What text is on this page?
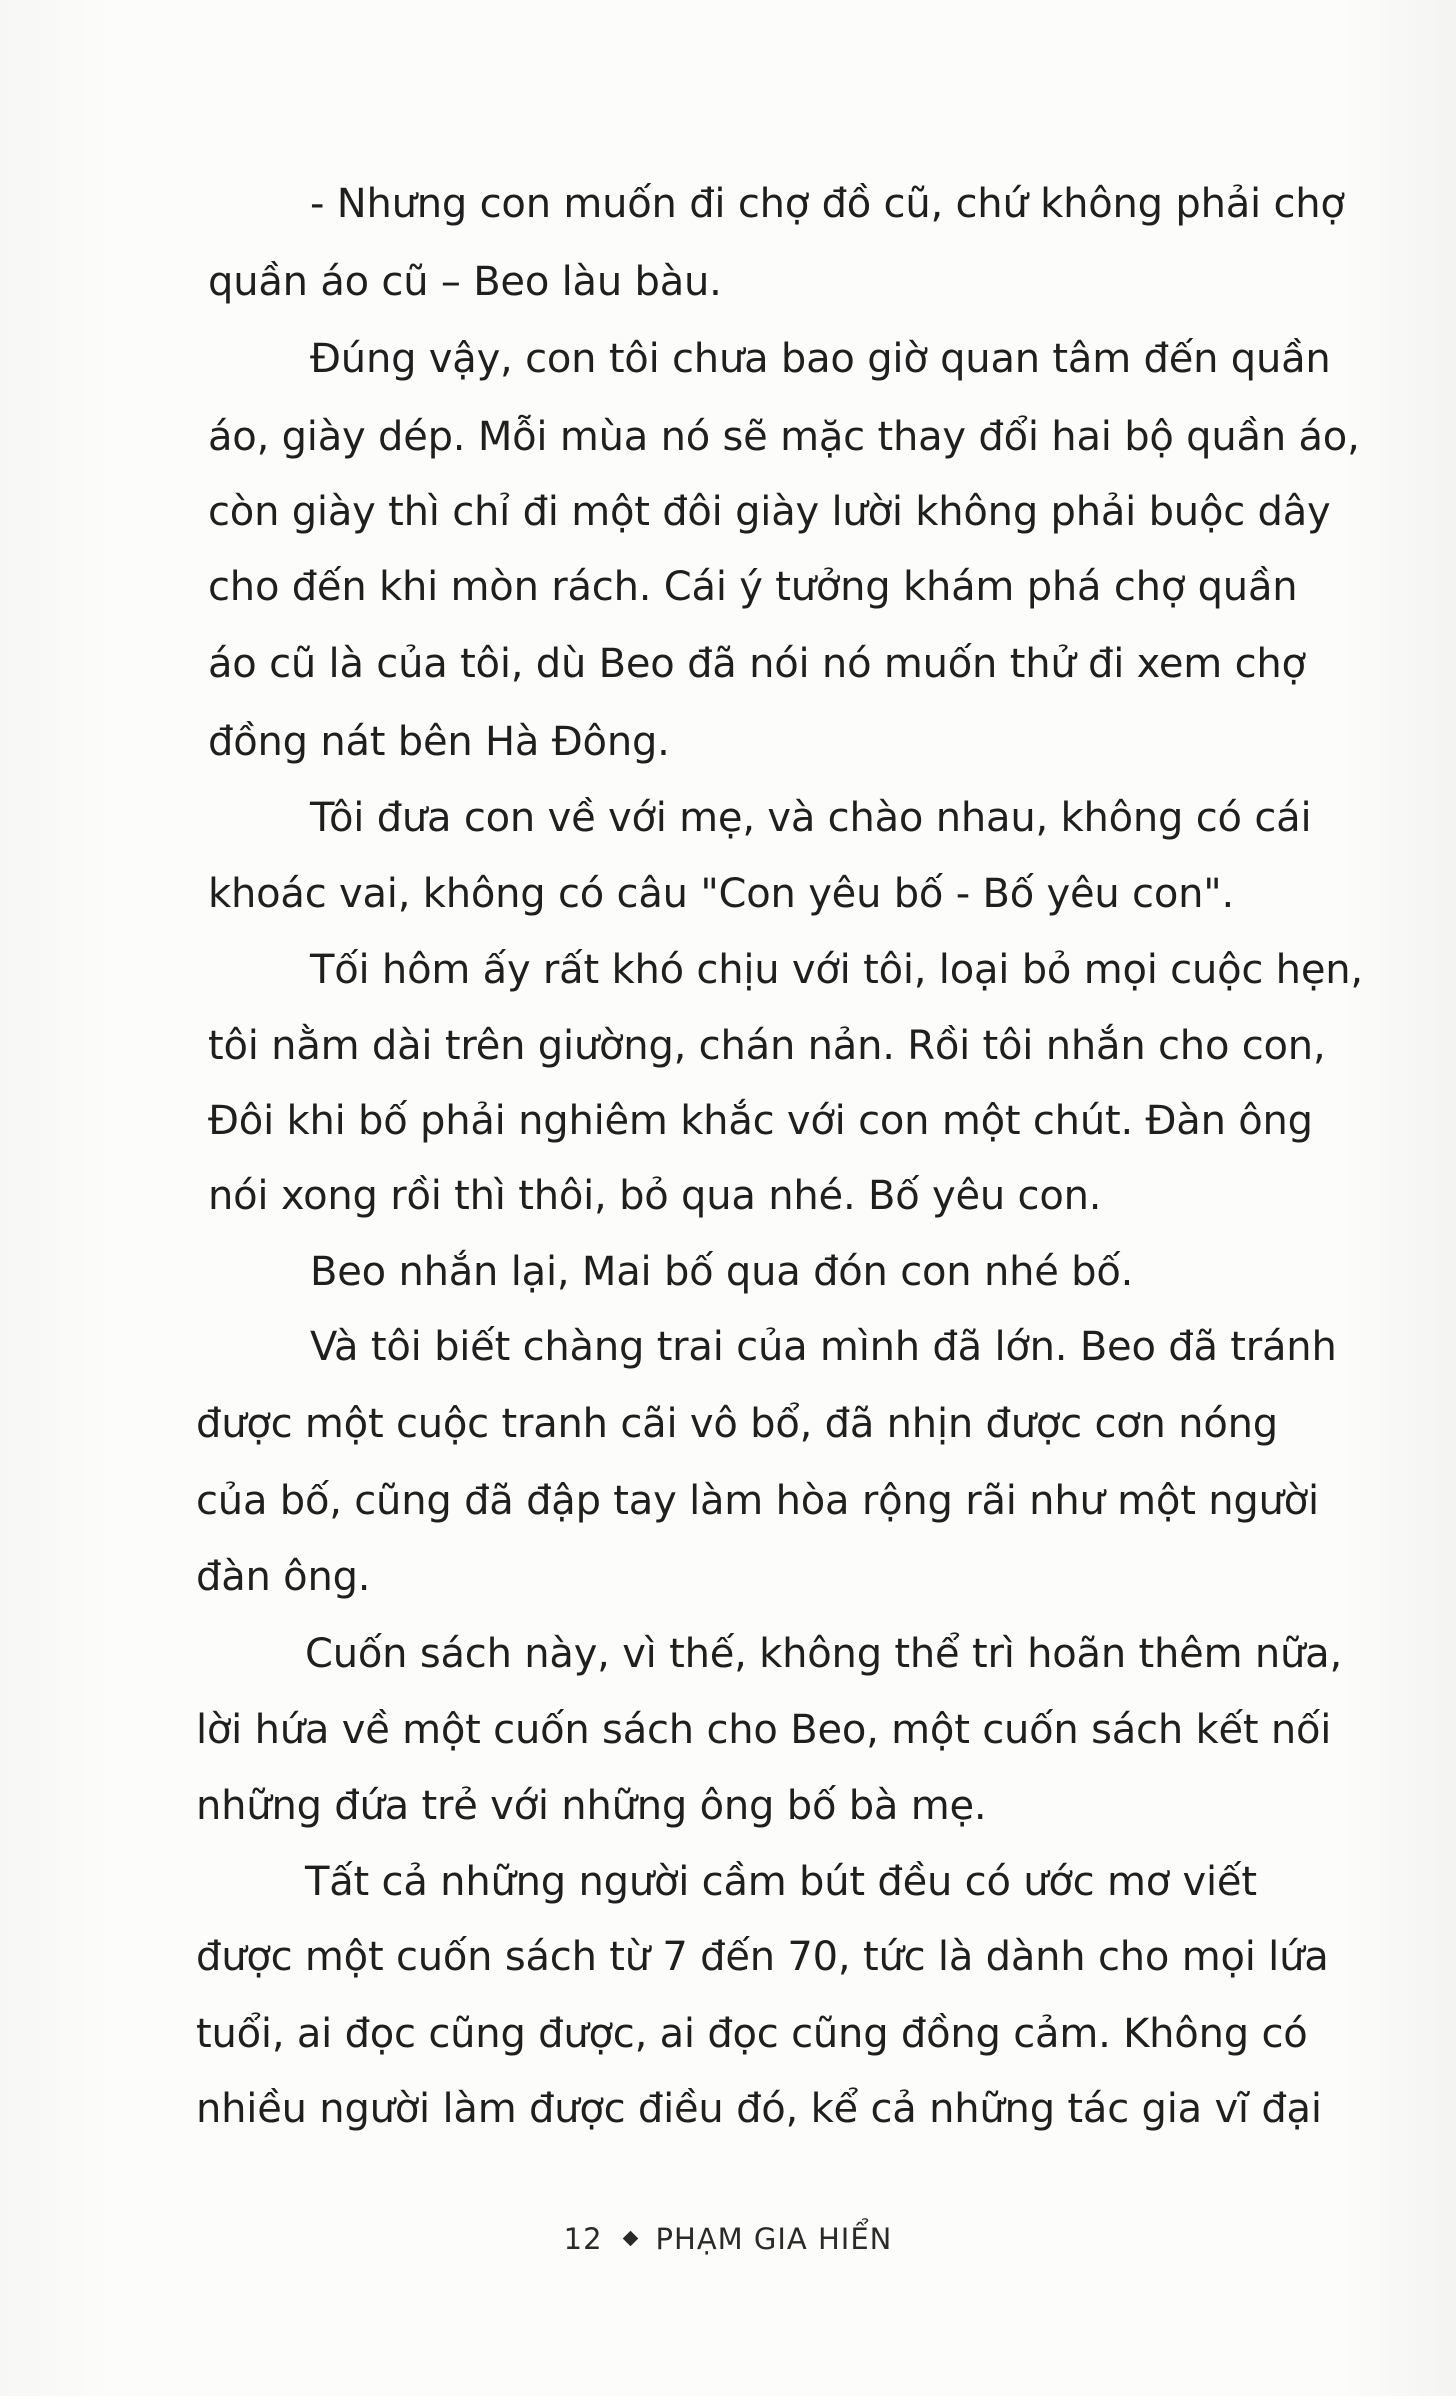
- Nhưng con muốn đi chợ đồ cũ, chứ không phải chợ
quần áo cũ – Beo làu bàu.
Đúng vậy, con tôi chưa bao giờ quan tâm đến quần
áo, giày dép. Mỗi mùa nó sẽ mặc thay đổi hai bộ quần áo,
còn giày thì chỉ đi một đôi giày lười không phải buộc dây
cho đến khi mòn rách. Cái ý tưởng khám phá chợ quần
áo cũ là của tôi, dù Beo đã nói nó muốn thử đi xem chợ
đồng nát bên Hà Đông.
Tôi đưa con về với mẹ, và chào nhau, không có cái
khoác vai, không có câu "Con yêu bố - Bố yêu con".
Tối hôm ấy rất khó chịu với tôi, loại bỏ mọi cuộc hẹn,
tôi nằm dài trên giường, chán nản. Rồi tôi nhắn cho con,
Đôi khi bố phải nghiêm khắc với con một chút. Đàn ông
nói xong rồi thì thôi, bỏ qua nhé. Bố yêu con.
Beo nhắn lại, Mai bố qua đón con nhé bố.
Và tôi biết chàng trai của mình đã lớn. Beo đã tránh
được một cuộc tranh cãi vô bổ, đã nhịn được cơn nóng
của bố, cũng đã đập tay làm hòa rộng rãi như một người
đàn ông.
Cuốn sách này, vì thế, không thể trì hoãn thêm nữa,
lời hứa về một cuốn sách cho Beo, một cuốn sách kết nối
những đứa trẻ với những ông bố bà mẹ.
Tất cả những người cầm bút đều có ước mơ viết
được một cuốn sách từ 7 đến 70, tức là dành cho mọi lứa
tuổi, ai đọc cũng được, ai đọc cũng đồng cảm. Không có
nhiều người làm được điều đó, kể cả những tác gia vĩ đại
12 PHẠM GIA HIỂN
